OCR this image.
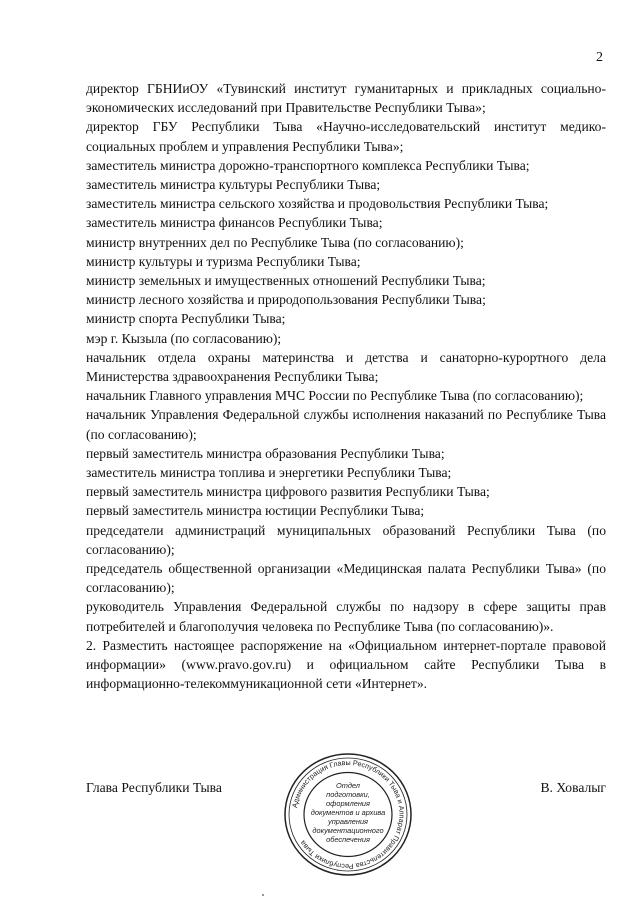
2

директор ГБНИиОУ «Тувинский институт гуманитарных и прикладных социально-экономических исследований при Правительстве Республики Тыва»;

директор ГБУ Республики Тыва «Научно-исследовательский институт медико-социальных проблем и управления Республики Тыва»;

заместитель министра дорожно-транспортного комплекса Республики Тыва;

заместитель министра культуры Республики Тыва;

заместитель министра сельского хозяйства и продовольствия Республики Тыва;

заместитель министра финансов Республики Тыва;

министр внутренних дел по Республике Тыва (по согласованию);

министр культуры и туризма Республики Тыва;

министр земельных и имущественных отношений Республики Тыва;

министр лесного хозяйства и природопользования Республики Тыва;

министр спорта Республики Тыва;

мэр г. Кызыла (по согласованию);

начальник отдела охраны материнства и детства и санаторно-курортного дела Министерства здравоохранения Республики Тыва;

начальник Главного управления МЧС России по Республике Тыва (по согласованию);

начальник Управления Федеральной службы исполнения наказаний по Республике Тыва (по согласованию);

первый заместитель министра образования Республики Тыва;

заместитель министра топлива и энергетики Республики Тыва;

первый заместитель министра цифрового развития Республики Тыва;

первый заместитель министра юстиции Республики Тыва;

председатели администраций муниципальных образований Республики Тыва (по согласованию);

председатель общественной организации «Медицинская палата Республики Тыва» (по согласованию);

руководитель Управления Федеральной службы по надзору в сфере защиты прав потребителей и благополучия человека по Республике Тыва (по согласованию)».

2. Разместить настоящее распоряжение на «Официальном интернет-портале правовой информации» (www.pravo.gov.ru) и официальном сайте Республики Тыва в информационно-телекоммуникационной сети «Интернет».

Глава Республики Тыва	В. Ховалыг
Администрация Главы Республики Тыва и Аппарат Правительства Республики Тыва
Отдел
подготовки,
оформления
документов и архива
управления
документационного
обеспечения
